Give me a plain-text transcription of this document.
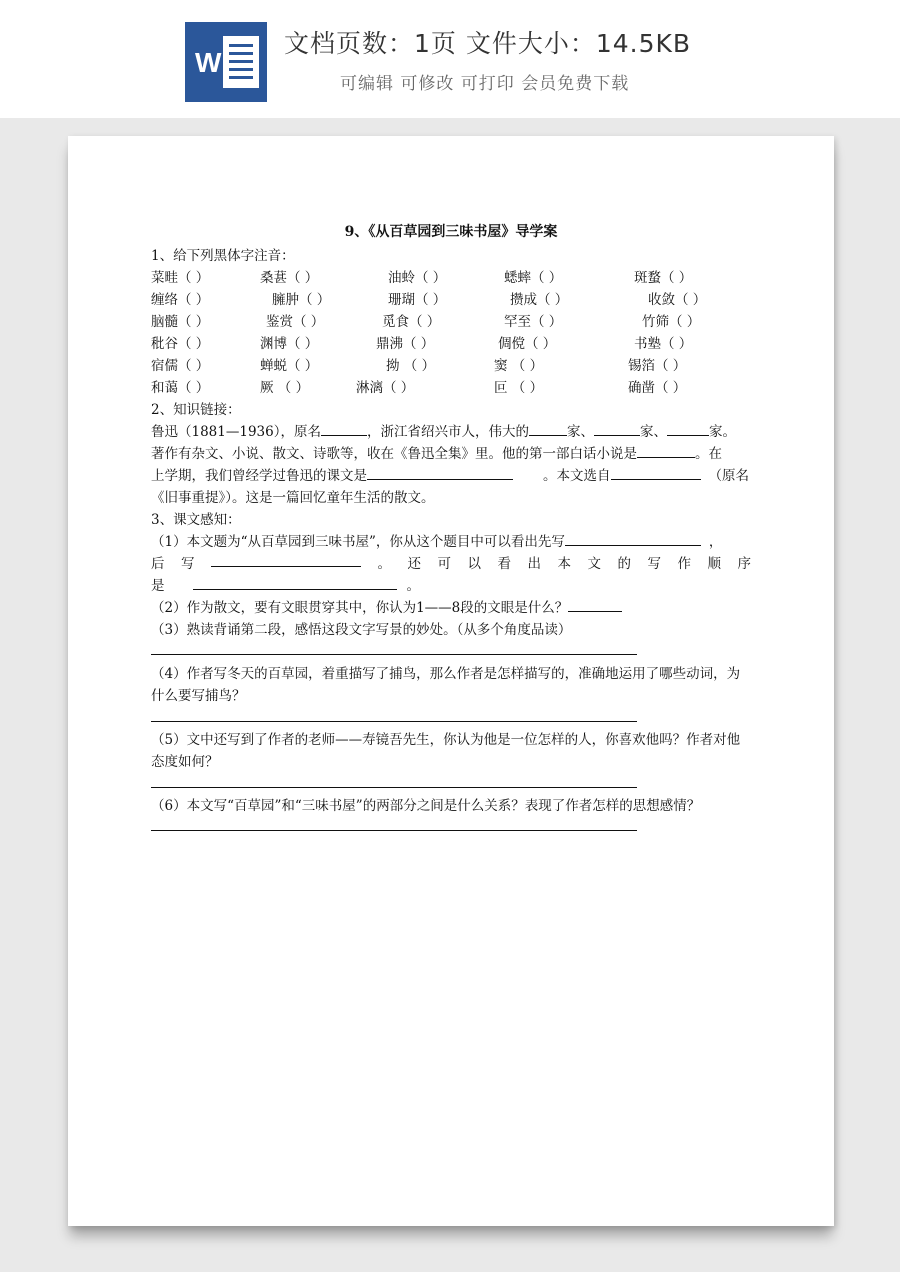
W
文档页数：1页 文件大小：14.5KB
可编辑 可修改 可打印 会员免费下载
9、《从百草园到三味书屋》导学案
1、给下列黑体字注音：
菜畦（ ）	桑葚（ ）	油蛉（ ）	蟋蟀（ ）	斑蝥（ ）
缠络（ ）	臃肿（ ）	珊瑚（ ）	攒成（ ）	收敛（ ）
脑髓（ ）	鉴赏（ ）	觅食（ ）	罕至（ ）	竹筛（ ）
秕谷（ ）	渊博（ ）	鼎沸（ ）	倜傥（ ）	书塾（ ）
宿儒（ ）	蝉蜕（ ）	拗 （ ）	窦 （ ）	锡箔（ ）
和蔼（ ）	厥 （ ）	淋漓（ ）	叵 （ ）	确凿（ ）
2、知识链接：
鲁迅（1881—1936），原名	，浙江省绍兴市人，伟大的	家、	家、	家。
著作有杂文、小说、散文、诗歌等，收在《鲁迅全集》里。他的第一部白话小说是	。在
上学期，我们曾经学过鲁迅的课文是	。本文选自	（原名
《旧事重提》）。这是一篇回忆童年生活的散文。
3、课文感知：
（1）本文题为“从百草园到三味书屋”，你从这个题目中可以看出先写	，
后 写	。 还 可 以 看 出 本 文 的 写 作 顺 序
是	。
（2）作为散文，要有文眼贯穿其中，你认为1——8段的文眼是什么？
（3）熟读背诵第二段，感悟这段文字写景的妙处。（从多个角度品读）
（4）作者写冬天的百草园，着重描写了捕鸟，那么作者是怎样描写的，准确地运用了哪些动词，为
什么要写捕鸟？
（5）文中还写到了作者的老师——寿镜吾先生，你认为他是一位怎样的人，你喜欢他吗？作者对他
态度如何？
（6）本文写“百草园”和“三味书屋”的两部分之间是什么关系？表现了作者怎样的思想感情？
